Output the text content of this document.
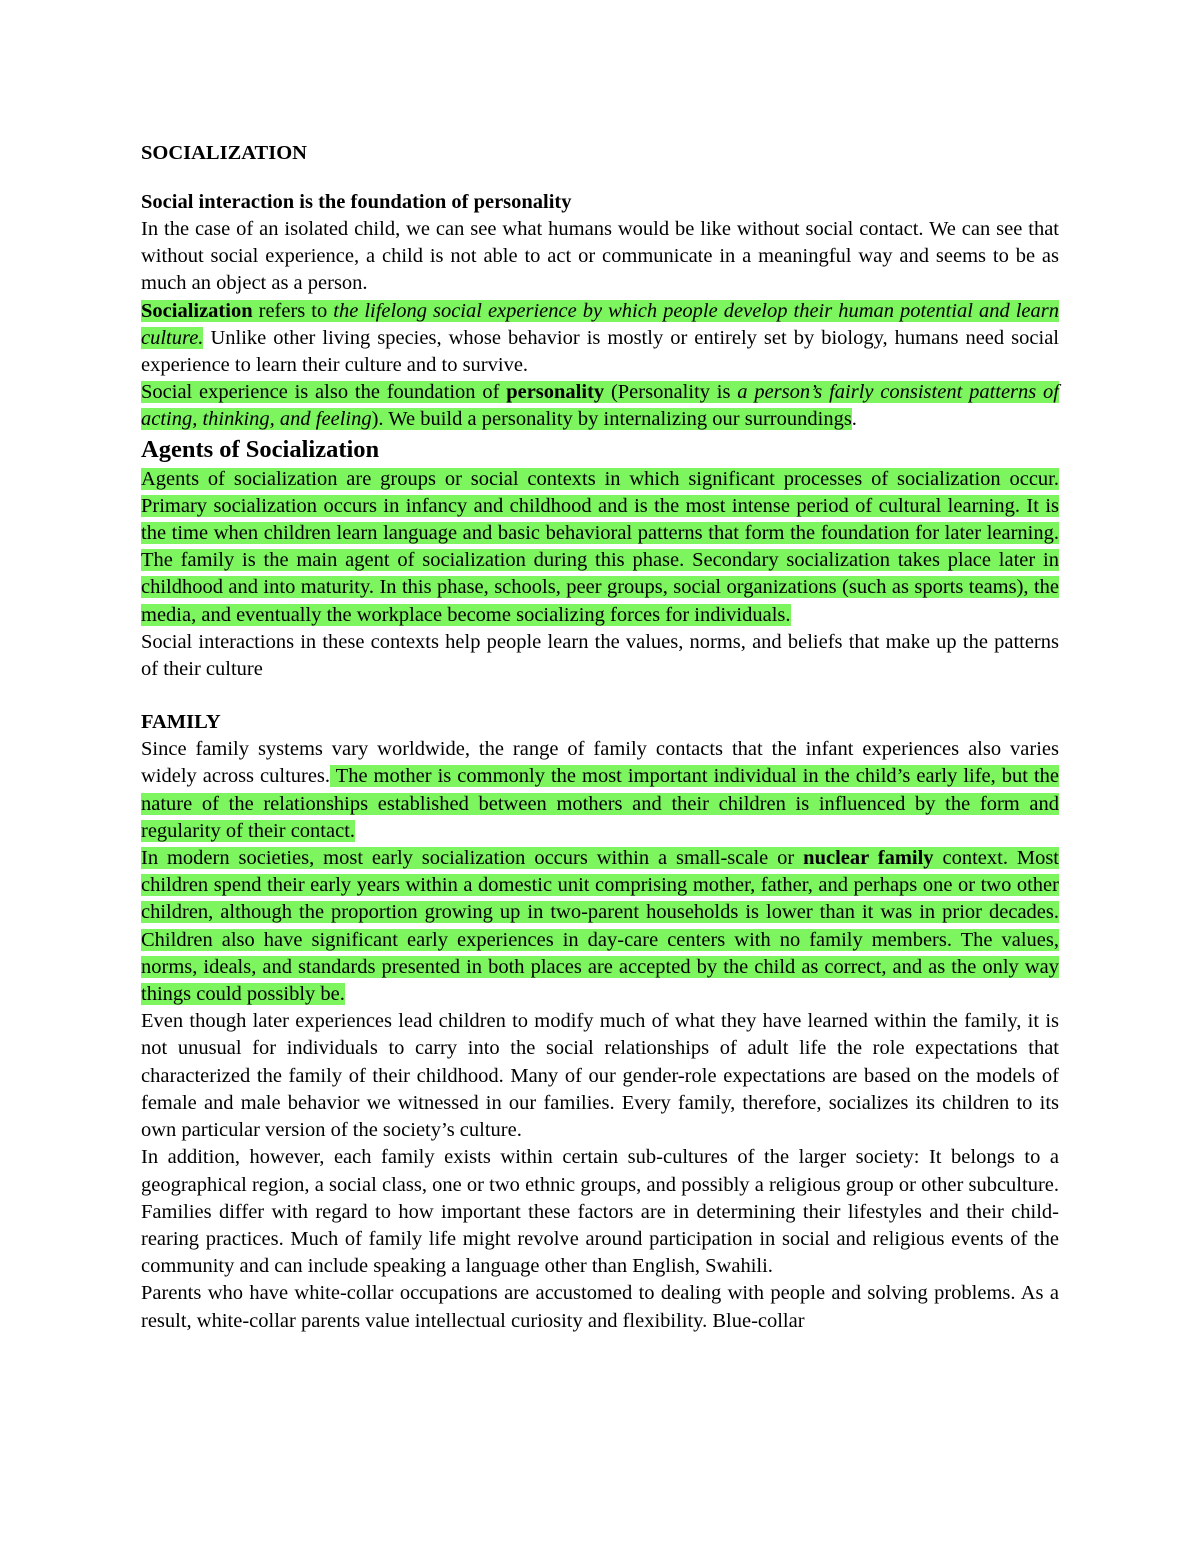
SOCIALIZATION
Social interaction is the foundation of personality

In the case of an isolated child, we can see what humans would be like without social contact. We can see that without social experience, a child is not able to act or communicate in a meaningful way and seems to be as much an object as a person.

Socialization refers to the lifelong social experience by which people develop their human potential and learn culture. Unlike other living species, whose behavior is mostly or entirely set by biology, humans need social experience to learn their culture and to survive.

Social experience is also the foundation of personality (Personality is a person’s fairly consistent patterns of acting, thinking, and feeling). We build a personality by internalizing our surroundings.

Agents of Socialization

Agents of socialization are groups or social contexts in which significant processes of socialization occur. Primary socialization occurs in infancy and childhood and is the most intense period of cultural learning. It is the time when children learn language and basic behavioral patterns that form the foundation for later learning. The family is the main agent of socialization during this phase. Secondary socialization takes place later in childhood and into maturity. In this phase, schools, peer groups, social organizations (such as sports teams), the media, and eventually the workplace become socializing forces for individuals.

Social interactions in these contexts help people learn the values, norms, and beliefs that make up the patterns of their culture

FAMILY

Since family systems vary worldwide, the range of family contacts that the infant experiences also varies widely across cultures. The mother is commonly the most important individual in the child’s early life, but the nature of the relationships established between mothers and their children is influenced by the form and regularity of their contact.

In modern societies, most early socialization occurs within a small-scale or nuclear family context. Most children spend their early years within a domestic unit comprising mother, father, and perhaps one or two other children, although the proportion growing up in two-parent households is lower than it was in prior decades. Children also have significant early experiences in day-care centers with no family members. The values, norms, ideals, and standards presented in both places are accepted by the child as correct, and as the only way things could possibly be.

Even though later experiences lead children to modify much of what they have learned within the family, it is not unusual for individuals to carry into the social relationships of adult life the role expectations that characterized the family of their childhood. Many of our gender-role expectations are based on the models of female and male behavior we witnessed in our families. Every family, therefore, socializes its children to its own particular version of the society’s culture.

In addition, however, each family exists within certain sub-cultures of the larger society: It belongs to a geographical region, a social class, one or two ethnic groups, and possibly a religious group or other subculture. Families differ with regard to how important these factors are in determining their lifestyles and their child-rearing practices. Much of family life might revolve around participation in social and religious events of the community and can include speaking a language other than English, Swahili.

Parents who have white-collar occupations are accustomed to dealing with people and solving problems. As a result, white-collar parents value intellectual curiosity and flexibility. Blue-collar
